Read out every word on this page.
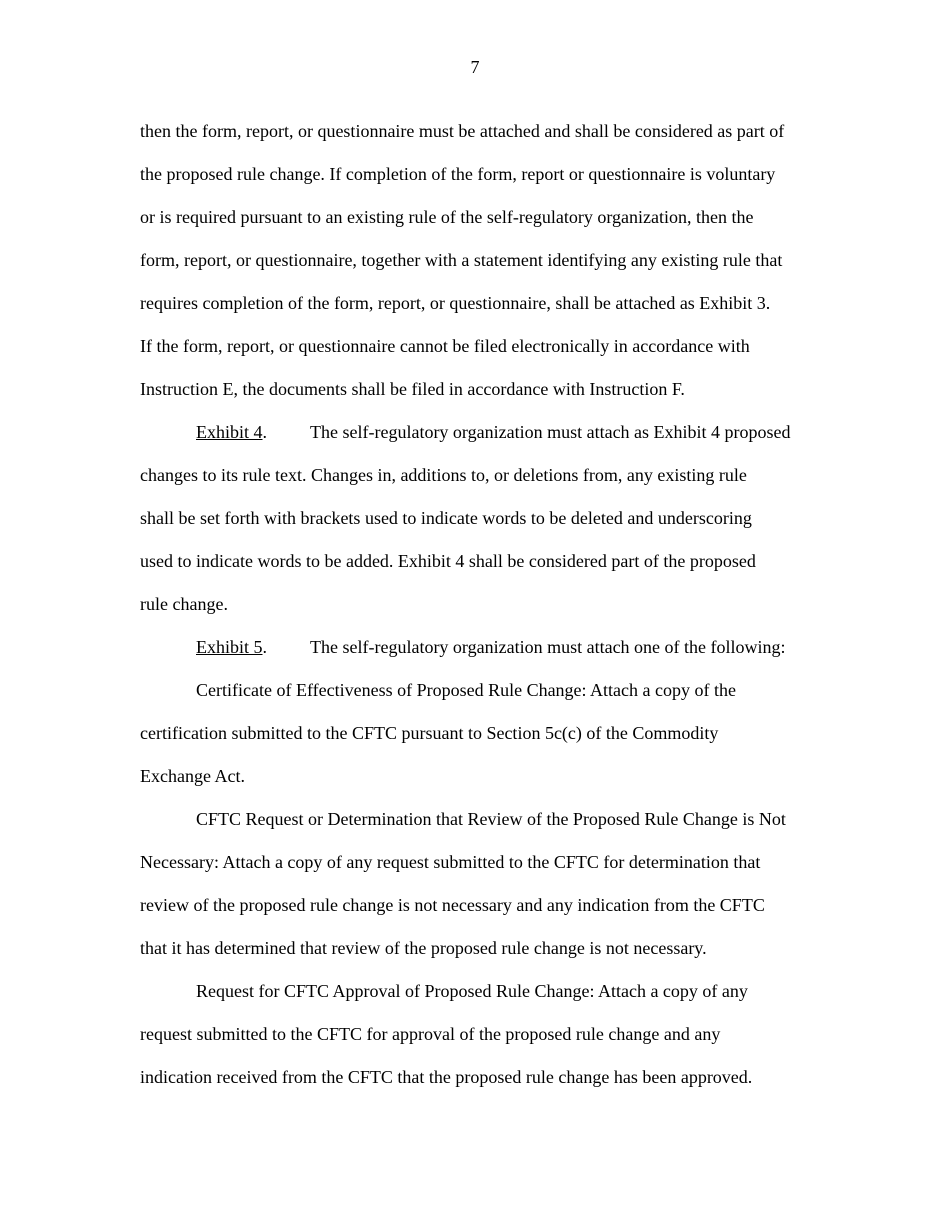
7
then the form, report, or questionnaire must be attached and shall be considered as part of
the proposed rule change. If completion of the form, report or questionnaire is voluntary
or is required pursuant to an existing rule of the self-regulatory organization, then the
form, report, or questionnaire, together with a statement identifying any existing rule that
requires completion of the form, report, or questionnaire, shall be attached as Exhibit 3.
If the form, report, or questionnaire cannot be filed electronically in accordance with
Instruction E, the documents shall be filed in accordance with Instruction F.
Exhibit 4. The self-regulatory organization must attach as Exhibit 4 proposed
changes to its rule text. Changes in, additions to, or deletions from, any existing rule
shall be set forth with brackets used to indicate words to be deleted and underscoring
used to indicate words to be added. Exhibit 4 shall be considered part of the proposed
rule change.
Exhibit 5. The self-regulatory organization must attach one of the following:
Certificate of Effectiveness of Proposed Rule Change: Attach a copy of the
certification submitted to the CFTC pursuant to Section 5c(c) of the Commodity
Exchange Act.
CFTC Request or Determination that Review of the Proposed Rule Change is Not
Necessary: Attach a copy of any request submitted to the CFTC for determination that
review of the proposed rule change is not necessary and any indication from the CFTC
that it has determined that review of the proposed rule change is not necessary.
Request for CFTC Approval of Proposed Rule Change: Attach a copy of any
request submitted to the CFTC for approval of the proposed rule change and any
indication received from the CFTC that the proposed rule change has been approved.
